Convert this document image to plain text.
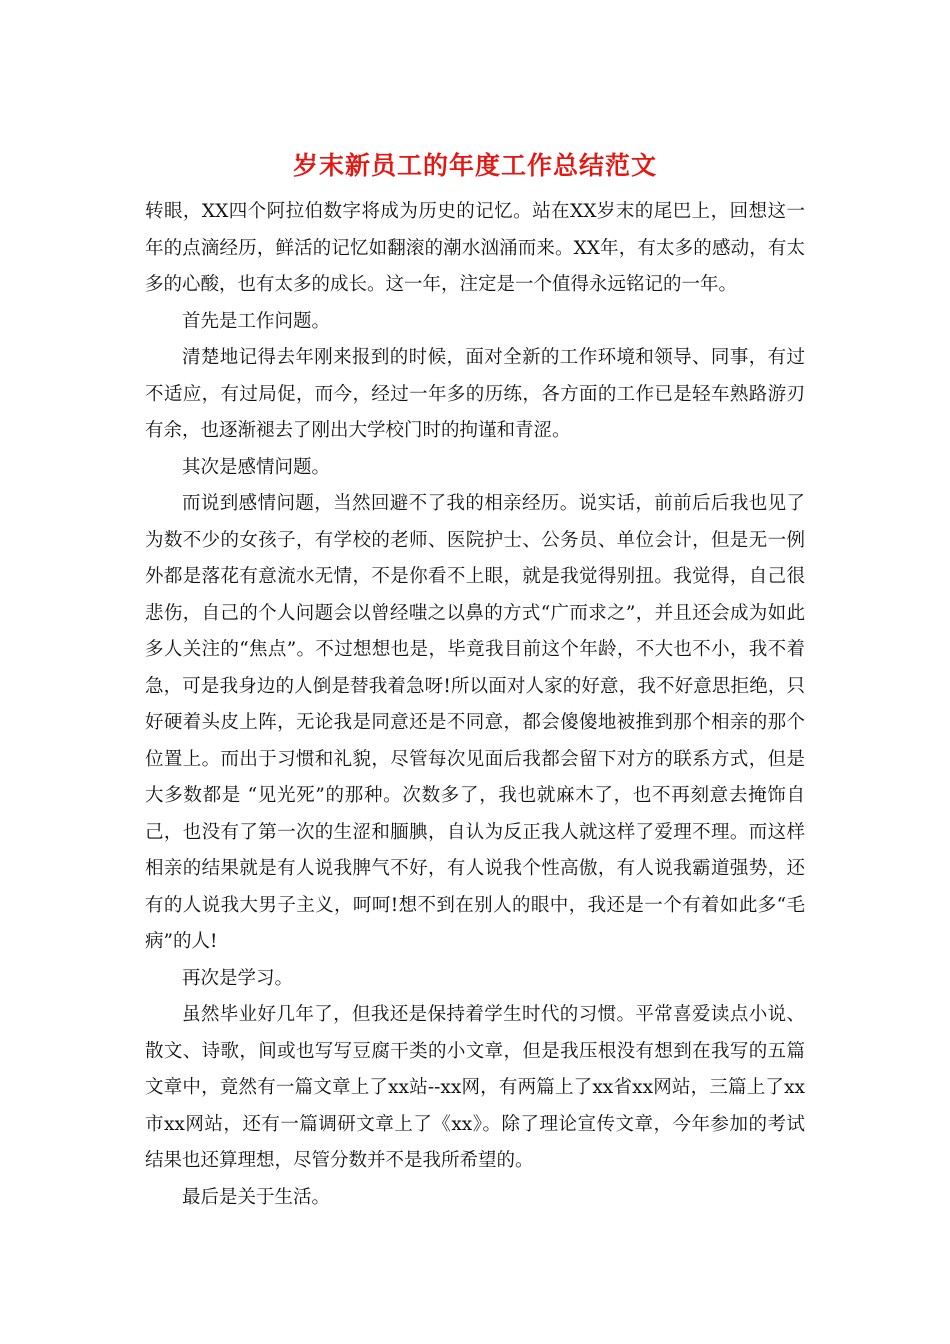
岁末新员工的年度工作总结范文

转眼，XX四个阿拉伯数字将成为历史的记忆。站在XX岁末的尾巴上，回想这一年的点滴经历，鲜活的记忆如翻滚的潮水汹涌而来。XX年，有太多的感动，有太多的心酸，也有太多的成长。这一年，注定是一个值得永远铭记的一年。

首先是工作问题。

清楚地记得去年刚来报到的时候，面对全新的工作环境和领导、同事，有过不适应，有过局促，而今，经过一年多的历练，各方面的工作已是轻车熟路游刃有余，也逐渐褪去了刚出大学校门时的拘谨和青涩。

其次是感情问题。

而说到感情问题，当然回避不了我的相亲经历。说实话，前前后后我也见了为数不少的女孩子，有学校的老师、医院护士、公务员、单位会计，但是无一例外都是落花有意流水无情，不是你看不上眼，就是我觉得别扭。我觉得，自己很悲伤，自己的个人问题会以曾经嗤之以鼻的方式“广而求之”，并且还会成为如此多人关注的“焦点”。不过想想也是，毕竟我目前这个年龄，不大也不小，我不着急，可是我身边的人倒是替我着急呀!所以面对人家的好意，我不好意思拒绝，只好硬着头皮上阵，无论我是同意还是不同意，都会傻傻地被推到那个相亲的那个位置上。而出于习惯和礼貌，尽管每次见面后我都会留下对方的联系方式，但是大多数都是 “见光死”的那种。次数多了，我也就麻木了，也不再刻意去掩饰自己，也没有了第一次的生涩和腼腆，自认为反正我人就这样了爱理不理。而这样相亲的结果就是有人说我脾气不好，有人说我个性高傲，有人说我霸道强势，还有的人说我大男子主义，呵呵!想不到在别人的眼中，我还是一个有着如此多“毛病”的人!

再次是学习。

虽然毕业好几年了，但我还是保持着学生时代的习惯。平常喜爱读点小说、散文、诗歌，间或也写写豆腐干类的小文章，但是我压根没有想到在我写的五篇文章中，竟然有一篇文章上了xx站--xx网，有两篇上了xx省xx网站，三篇上了xx市xx网站，还有一篇调研文章上了《xx》。除了理论宣传文章，今年参加的考试结果也还算理想，尽管分数并不是我所希望的。

最后是关于生活。
